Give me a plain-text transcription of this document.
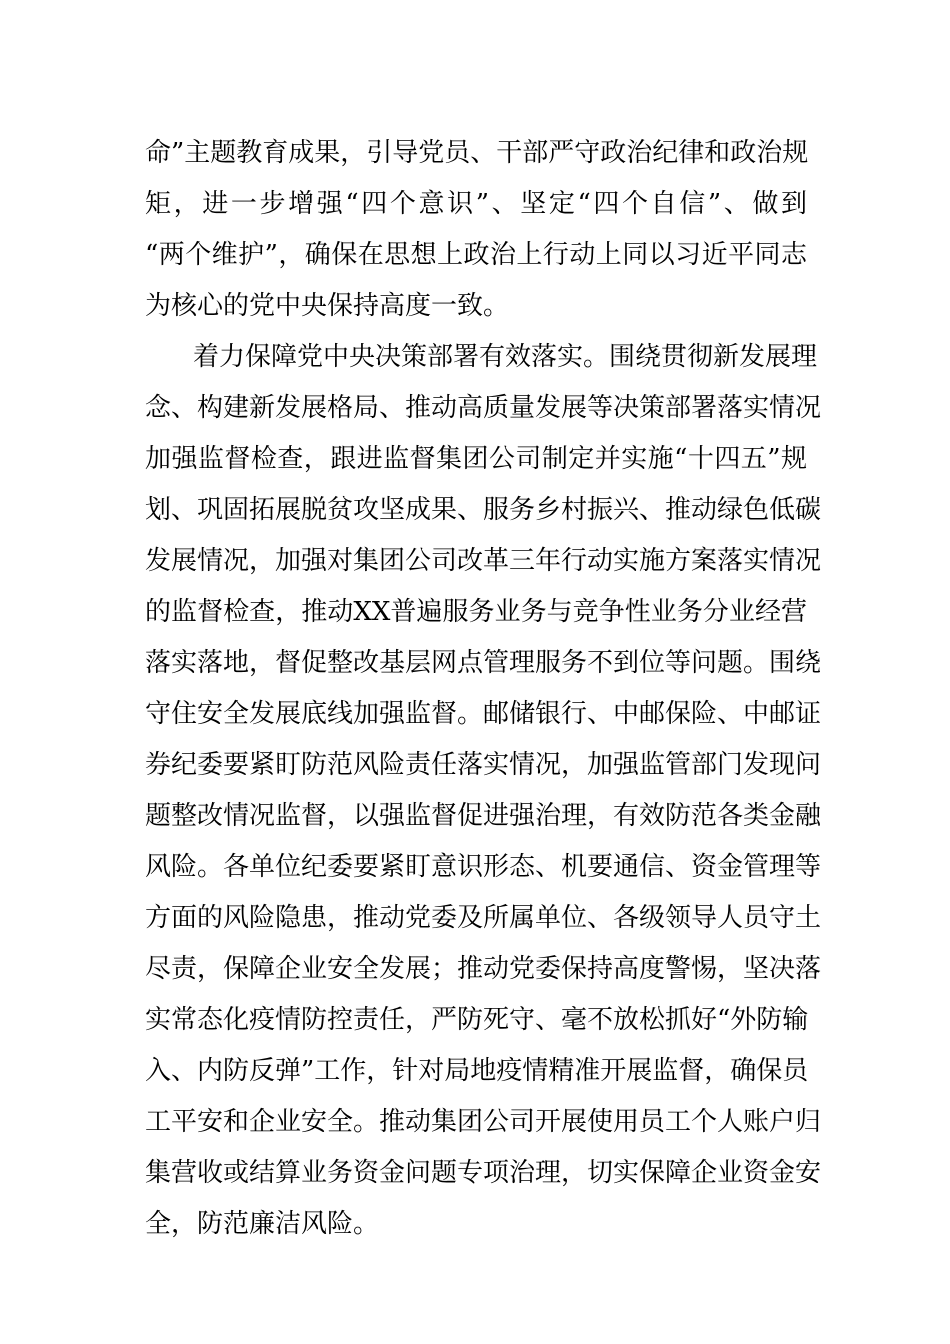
命”主题教育成果，引导党员、干部严守政治纪律和政治规
矩，进一步增强“四个意识”、坚定“四个自信”、做到
“两个维护”，确保在思想上政治上行动上同以习近平同志
为核心的党中央保持高度一致。
着力保障党中央决策部署有效落实。围绕贯彻新发展理
念、构建新发展格局、推动高质量发展等决策部署落实情况
加强监督检查，跟进监督集团公司制定并实施“十四五”规
划、巩固拓展脱贫攻坚成果、服务乡村振兴、推动绿色低碳
发展情况，加强对集团公司改革三年行动实施方案落实情况
的监督检查，推动XX普遍服务业务与竞争性业务分业经营
落实落地，督促整改基层网点管理服务不到位等问题。围绕
守住安全发展底线加强监督。邮储银行、中邮保险、中邮证
券纪委要紧盯防范风险责任落实情况，加强监管部门发现问
题整改情况监督，以强监督促进强治理，有效防范各类金融
风险。各单位纪委要紧盯意识形态、机要通信、资金管理等
方面的风险隐患，推动党委及所属单位、各级领导人员守土
尽责，保障企业安全发展；推动党委保持高度警惕，坚决落
实常态化疫情防控责任，严防死守、毫不放松抓好“外防输
入、内防反弹”工作，针对局地疫情精准开展监督，确保员
工平安和企业安全。推动集团公司开展使用员工个人账户归
集营收或结算业务资金问题专项治理，切实保障企业资金安
全，防范廉洁风险。
